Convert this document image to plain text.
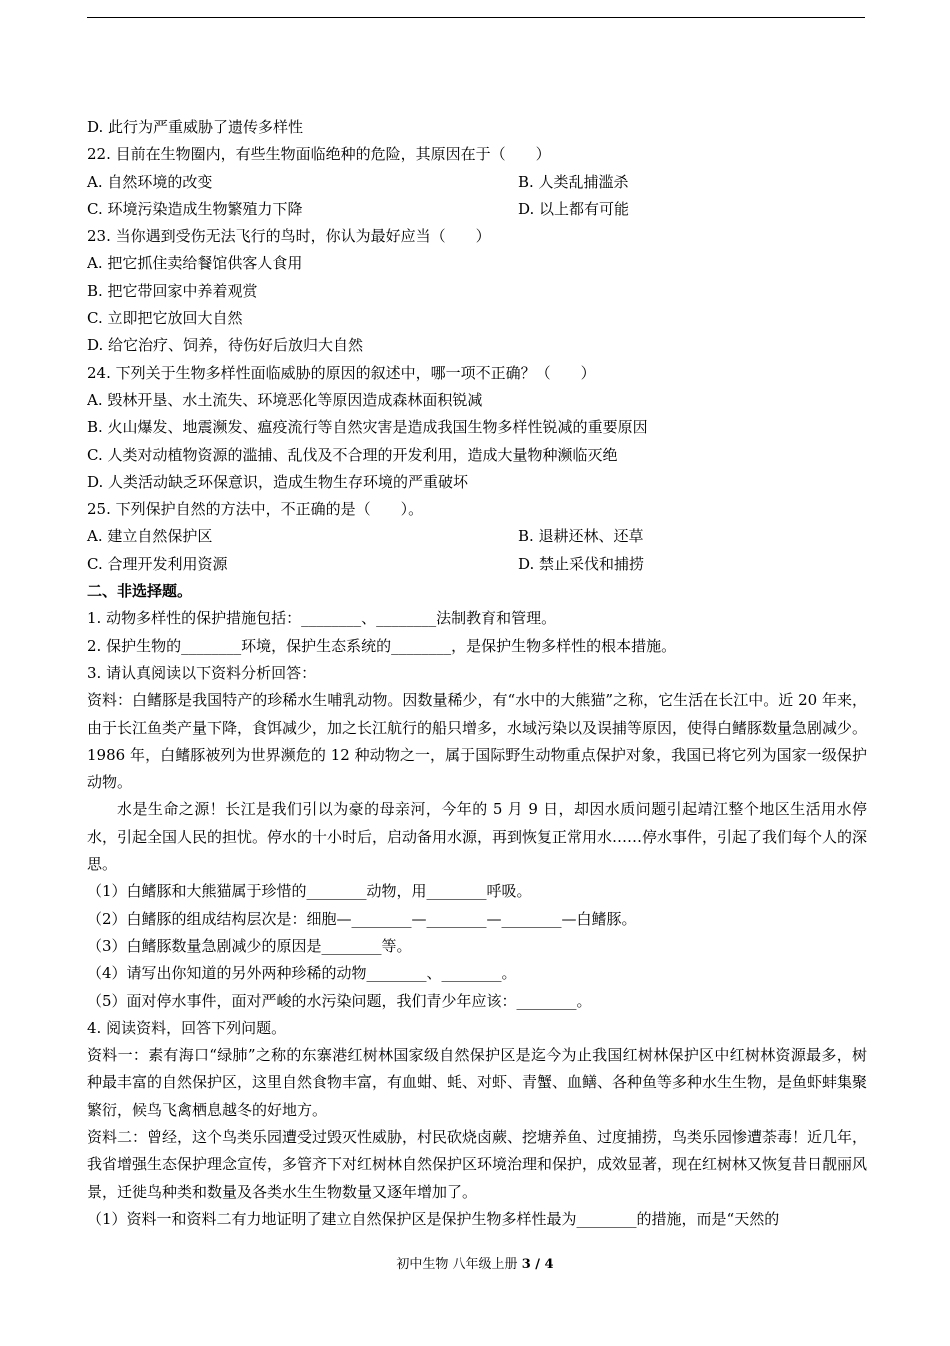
D. 此行为严重威胁了遗传多样性
22. 目前在生物圈内，有些生物面临绝种的危险，其原因在于（　　）
A. 自然环境的改变	B. 人类乱捕滥杀
C. 环境污染造成生物繁殖力下降	D. 以上都有可能
23. 当你遇到受伤无法飞行的鸟时，你认为最好应当（　　）
A. 把它抓住卖给餐馆供客人食用
B. 把它带回家中养着观赏
C. 立即把它放回大自然
D. 给它治疗、饲养，待伤好后放归大自然
24. 下列关于生物多样性面临威胁的原因的叙述中，哪一项不正确？（　　）
A. 毁林开垦、水土流失、环境恶化等原因造成森林面积锐减
B. 火山爆发、地震濒发、瘟疫流行等自然灾害是造成我国生物多样性锐减的重要原因
C. 人类对动植物资源的滥捕、乱伐及不合理的开发利用，造成大量物种濒临灭绝
D. 人类活动缺乏环保意识，造成生物生存环境的严重破坏
25. 下列保护自然的方法中，不正确的是（　　）。
A. 建立自然保护区	B. 退耕还林、还草
C. 合理开发利用资源	D. 禁止采伐和捕捞
二、非选择题。
1. 动物多样性的保护措施包括：________、________法制教育和管理。
2. 保护生物的________环境，保护生态系统的________，是保护生物多样性的根本措施。
3. 请认真阅读以下资料分析回答：
资料：白鳍豚是我国特产的珍稀水生哺乳动物。因数量稀少，有“水中的大熊猫”之称，它生活在长江中。近 20 年来，由于长江鱼类产量下降，食饵减少，加之长江航行的船只增多，水域污染以及误捕等原因，使得白鳍豚数量急剧减少。1986 年，白鳍豚被列为世界濒危的 12 种动物之一，属于国际野生动物重点保护对象，我国已将它列为国家一级保护动物。
水是生命之源！长江是我们引以为豪的母亲河，今年的 5 月 9 日，却因水质问题引起靖江整个地区生活用水停水，引起全国人民的担忧。停水的十小时后，启动备用水源，再到恢复正常用水……停水事件，引起了我们每个人的深思。
（1）白鳍豚和大熊猫属于珍惜的________动物，用________呼吸。
（2）白鳍豚的组成结构层次是：细胞—________—________—________—白鳍豚。
（3）白鳍豚数量急剧减少的原因是________等。
（4）请写出你知道的另外两种珍稀的动物________、________。
（5）面对停水事件，面对严峻的水污染问题，我们青少年应该：________。
4. 阅读资料，回答下列问题。
资料一：素有海口“绿肺”之称的东寨港红树林国家级自然保护区是迄今为止我国红树林保护区中红树林资源最多，树种最丰富的自然保护区，这里自然食物丰富，有血蚶、蚝、对虾、青蟹、血鳝、各种鱼等多种水生生物，是鱼虾蚌集聚繁衍，候鸟飞禽栖息越冬的好地方。
资料二：曾经，这个鸟类乐园遭受过毁灭性威胁，村民砍烧卤蕨、挖塘养鱼、过度捕捞，鸟类乐园惨遭荼毒！近几年，我省增强生态保护理念宣传，多管齐下对红树林自然保护区环境治理和保护，成效显著，现在红树林又恢复昔日靓丽风景，迁徙鸟种类和数量及各类水生生物数量又逐年增加了。
（1）资料一和资料二有力地证明了建立自然保护区是保护生物多样性最为________的措施，而是“天然的
初中生物 八年级上册 3 / 4
